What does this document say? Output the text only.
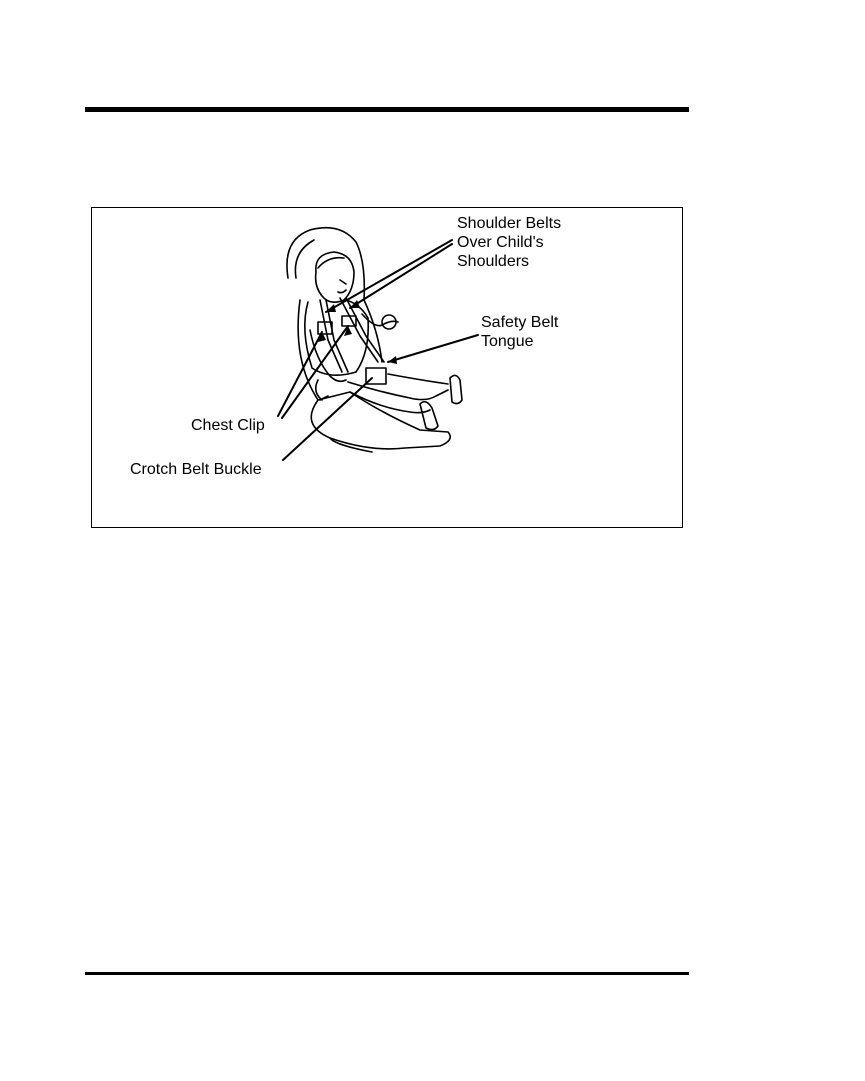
Shoulder Belts
Over Child's
Shoulders
Safety Belt
Tongue
Chest Clip
Crotch Belt Buckle
